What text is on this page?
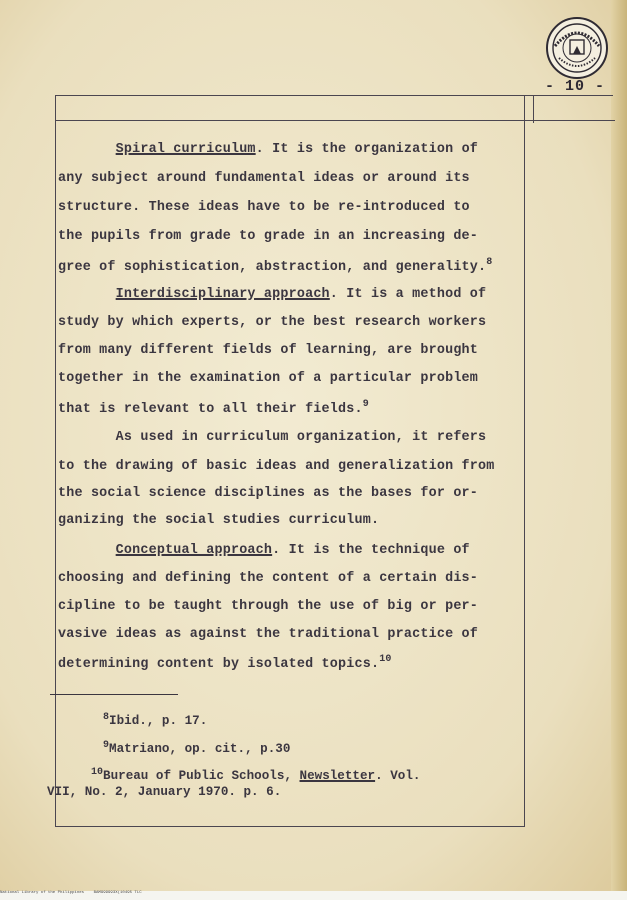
- 10 -
Spiral curriculum. It is the organization of
any subject around fundamental ideas or around its
structure. These ideas have to be re-introduced to
the pupils from grade to grade in an increasing de-
gree of sophistication, abstraction, and generality.$^8$
Interdisciplinary approach. It is a method of
study by which experts, or the best research workers
from many different fields of learning, are brought
together in the examination of a particular problem
that is relevant to all their fields.$^9$
As used in curriculum organization, it refers
to the drawing of basic ideas and generalization from
the social science disciplines as the bases for or-
ganizing the social studies curriculum.
Conceptual approach. It is the technique of
choosing and defining the content of a certain dis-
cipline to be taught through the use of big or per-
vasive ideas as against the traditional practice of
determining content by isolated topics.$^{10}$
$^8$Ibid., p. 17.
$^9$Matriano, op. cit., p.30
$^{10}$Bureau of Public Schools, Newsletter. Vol.
VII, No. 2, January 1970. p. 6.
National Library of the Philippines    BAM999993X(10495 TLC
